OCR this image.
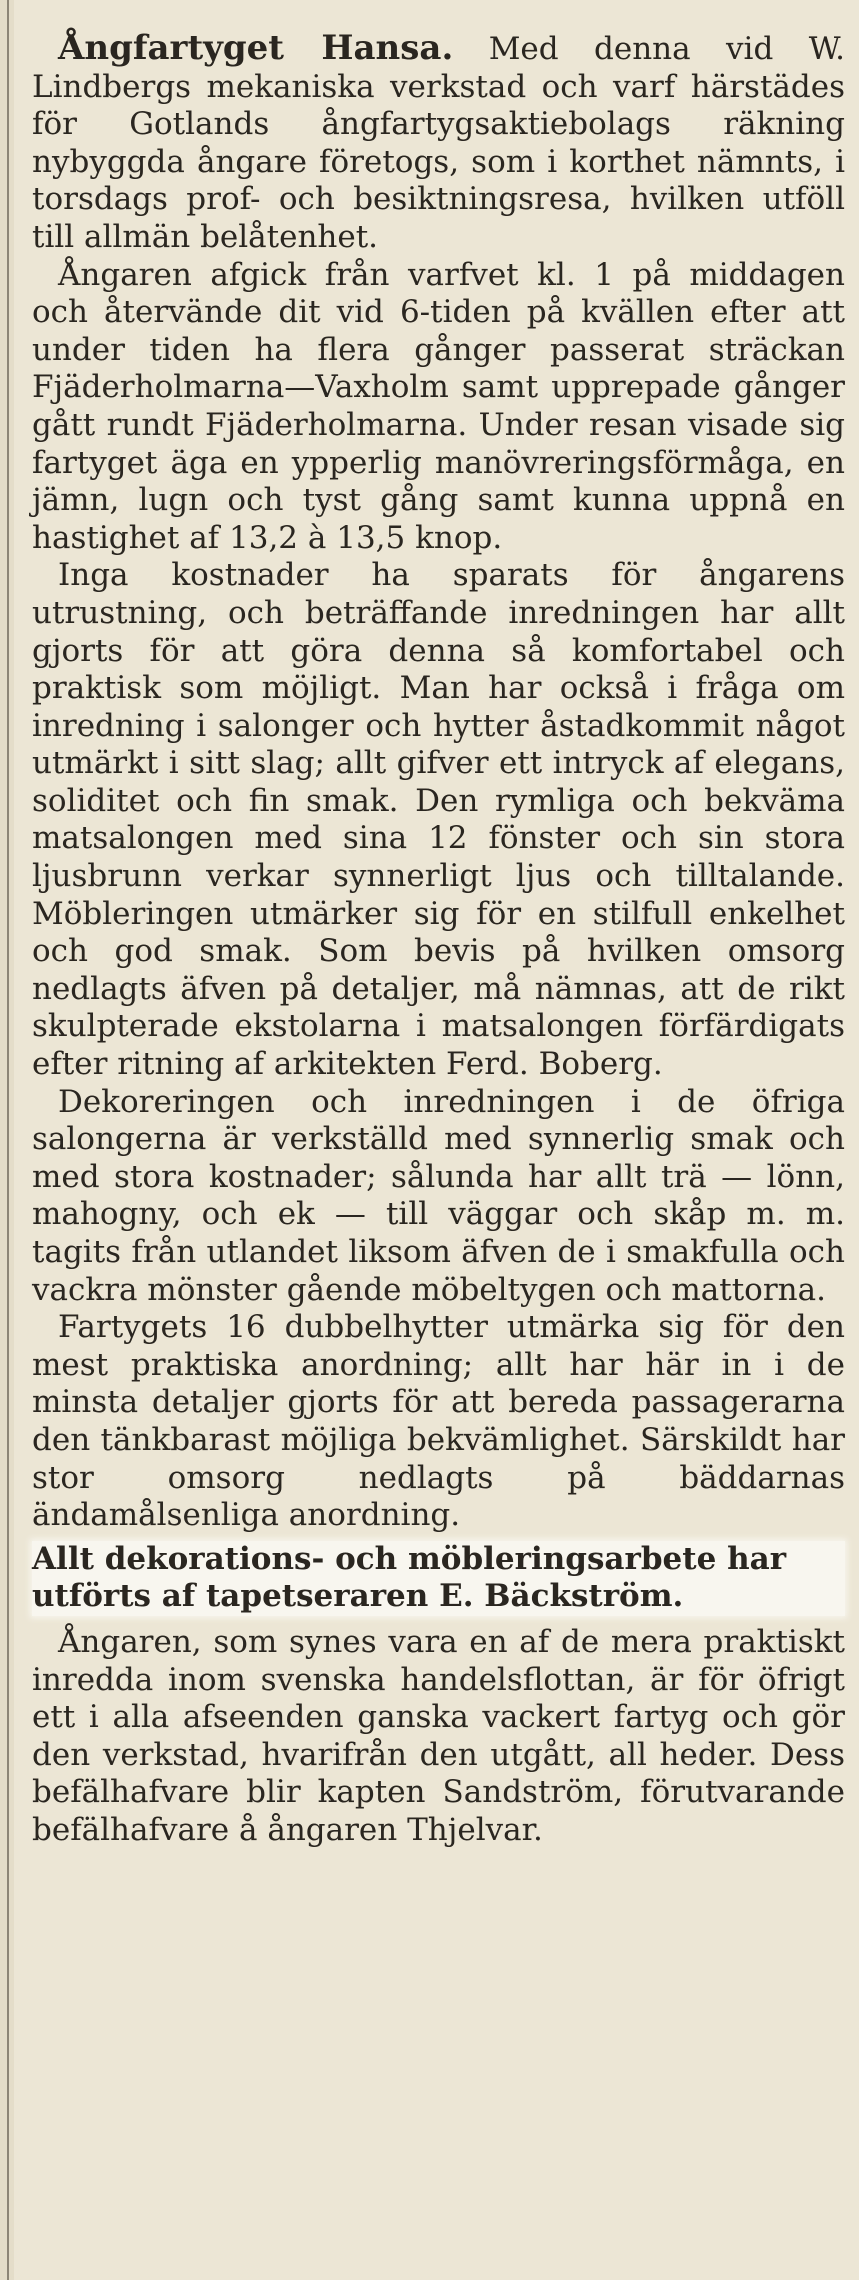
Ångfartyget Hansa. Med denna vid W. Lindbergs mekaniska verkstad och varf härstädes för Gotlands ångfartygsaktiebolags räkning nybyggda ångare företogs, som i korthet nämnts, i torsdags prof- och besiktningsresa, hvilken utföll till allmän belåtenhet.

Ångaren afgick från varfvet kl. 1 på middagen och återvände dit vid 6-tiden på kvällen efter att under tiden ha flera gånger passerat sträckan Fjäderholmarna—Vaxholm samt upprepade gånger gått rundt Fjäderholmarna. Under resan visade sig fartyget äga en ypperlig manövreringsförmåga, en jämn, lugn och tyst gång samt kunna uppnå en hastighet af 13,2 à 13,5 knop.

Inga kostnader ha sparats för ångarens utrustning, och beträffande inredningen har allt gjorts för att göra denna så komfortabel och praktisk som möjligt. Man har också i fråga om inredning i salonger och hytter åstadkommit något utmärkt i sitt slag; allt gifver ett intryck af elegans, soliditet och fin smak. Den rymliga och bekväma matsalongen med sina 12 fönster och sin stora ljusbrunn verkar synnerligt ljus och tilltalande. Möbleringen utmärker sig för en stilfull enkelhet och god smak. Som bevis på hvilken omsorg nedlagts äfven på detaljer, må nämnas, att de rikt skulpterade ekstolarna i matsalongen förfärdigats efter ritning af arkitekten Ferd. Boberg.

Dekoreringen och inredningen i de öfriga salongerna är verkställd med synnerlig smak och med stora kostnader; sålunda har allt trä — lönn, mahogny, och ek — till väggar och skåp m. m. tagits från utlandet liksom äfven de i smakfulla och vackra mönster gående möbeltygen och mattorna.

Fartygets 16 dubbelhytter utmärka sig för den mest praktiska anordning; allt har här in i de minsta detaljer gjorts för att bereda passagerarna den tänkbarast möjliga bekvämlighet. Särskildt har stor omsorg nedlagts på bäddarnas ändamålsenliga anordning.

Allt dekorations- och möbleringsarbete har
utförts af tapetseraren E. Bäckström.

Ångaren, som synes vara en af de mera praktiskt inredda inom svenska handelsflottan, är för öfrigt ett i alla afseenden ganska vackert fartyg och gör den verkstad, hvarifrån den utgått, all heder. Dess befälhafvare blir kapten Sandström, förutvarande befälhafvare å ångaren Thjelvar.
